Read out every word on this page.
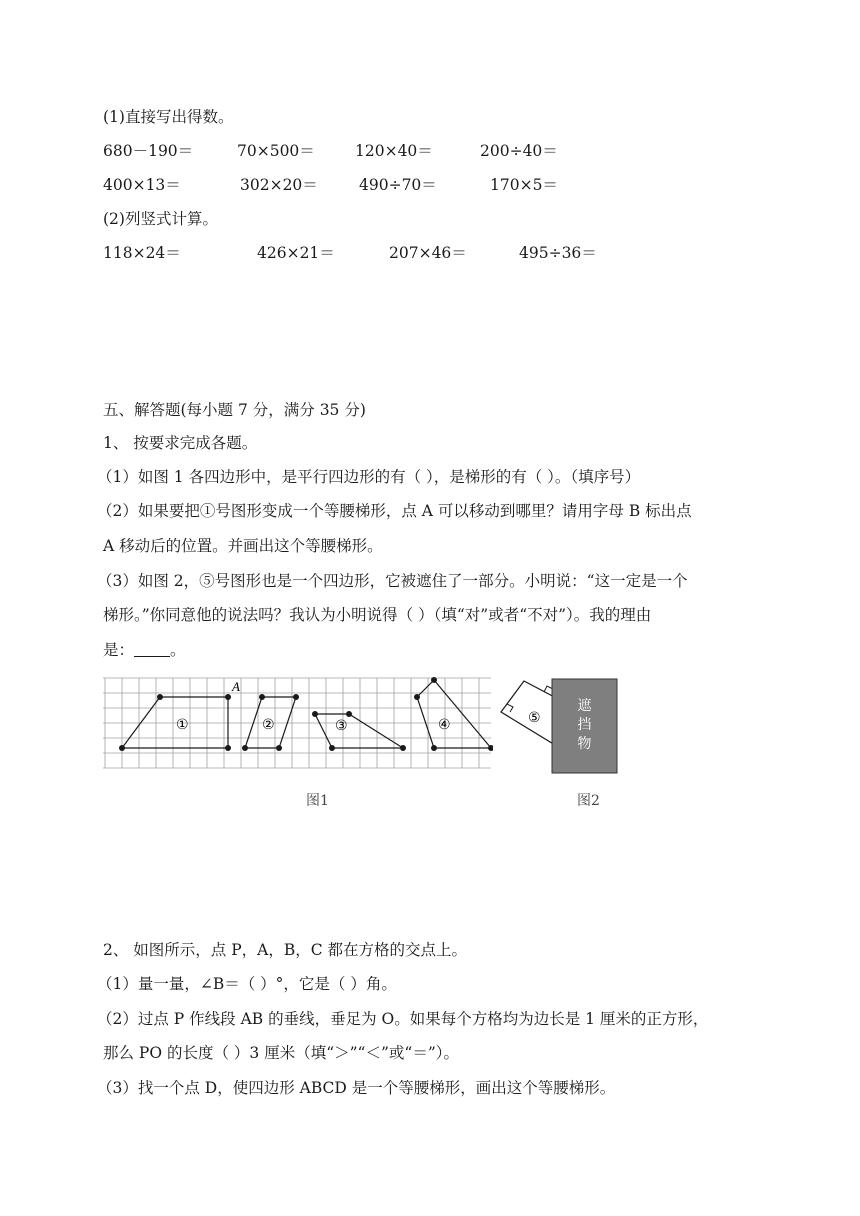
(1)直接写出得数。
680－190＝	70×500＝	120×40＝	200÷40＝
400×13＝	302×20＝	490÷70＝	170×5＝
(2)列竖式计算。
118×24＝	426×21＝	207×46＝	495÷36＝
五、解答题(每小题 7 分，满分 35 分)
1、 按要求完成各题。
（1）如图 1 各四边形中，是平行四边形的有（ ），是梯形的有（ ）。（填序号）
（2）如果要把①号图形变成一个等腰梯形，点 A 可以移动到哪里？请用字母 B 标出点
A 移动后的位置。并画出这个等腰梯形。
（3）如图 2，⑤号图形也是一个四边形，它被遮住了一部分。小明说：“这一定是一个
梯形。”你同意他的说法吗？我认为小明说得（ ）（填“对”或者“不对”）。我的理由
是： 。
A
①	②	③	④
图1
⑤
遮
挡
物
图2
2、 如图所示，点 P，A，B，C 都在方格的交点上。
（1）量一量，∠B＝（ ）°，它是（ ）角。
（2）过点 P 作线段 AB 的垂线，垂足为 O。如果每个方格均为边长是 1 厘米的正方形，
那么 PO 的长度（ ）3 厘米（填“＞”“＜”或“＝”）。
（3）找一个点 D，使四边形 ABCD 是一个等腰梯形，画出这个等腰梯形。
